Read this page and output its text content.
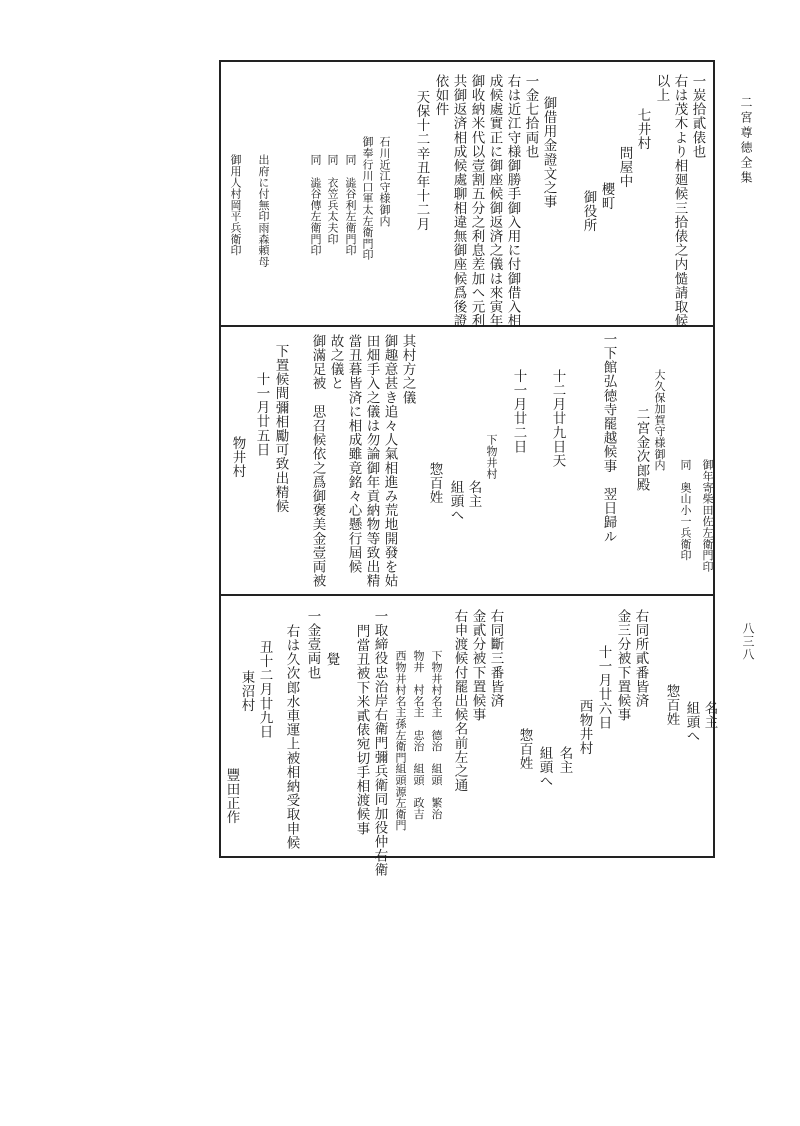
二宮尊徳全集
八三八
一炭拾貳俵也
右は茂木より相廻候三拾俵之内慥請取候
以上
七井村
問屋中
櫻町
御役所
御借用金證文之事
一金七拾両也
右は近江守様御勝手御入用に付御借入相
成候處實正に御座候御返済之儀は來寅年
御收納米代以壹割五分之利息差加へ元利
共御返済相成候處聊相違無御座候爲後證
依如件
天保十二辛丑年十二月
石川近江守様御内
御奉行川口軍太左衛門印
同　澁谷利左衛門印
同　衣笠兵太夫印
同　澁谷傳左衛門印
出府に付無印雨森頼母
御用人村岡平兵衛印
御年寄柴田佐左衛門印
同　奥山小一兵衛印
大久保加賀守様御内
二宮金次郎殿
一下館弘徳寺罷越候事　翌日歸ル
十二月廿九日天
十一月廿二日
下物井村
名主
組頭へ
惣百姓
其村方之儀
御趣意甚き追々人氣相進み荒地開發を姑
田畑手入之儀は勿論御年貢納物等致出精
當丑暮皆済に相成雖竟銘々心懸行屆候
故之儀と
御滿足被　思召候依之爲御褒美金壹両被
下置候間彌相勵可致出精候
十一月廿五日
物井村
名主
組頭へ
惣百姓
右同所貳番皆済
金三分被下置候事
十一月廿六日
西物井村
名主
組頭へ
惣百姓
右同斷三番皆済
金貳分被下置候事
右申渡候付罷出候名前左之通
下物井村名主　德治　組頭　繁治
物井　村名主　忠治　組頭　政吉
西物井村名主孫左衛門組頭源左衛門
一取締役忠治岸右衛門彌兵衛同加役仲右衛
門當丑被下米貳俵宛切手相渡候事
覺
一金壹両也
右は久次郎水車運上被相納受取申候
丑十二月廿九日
東沼村
豐田正作
